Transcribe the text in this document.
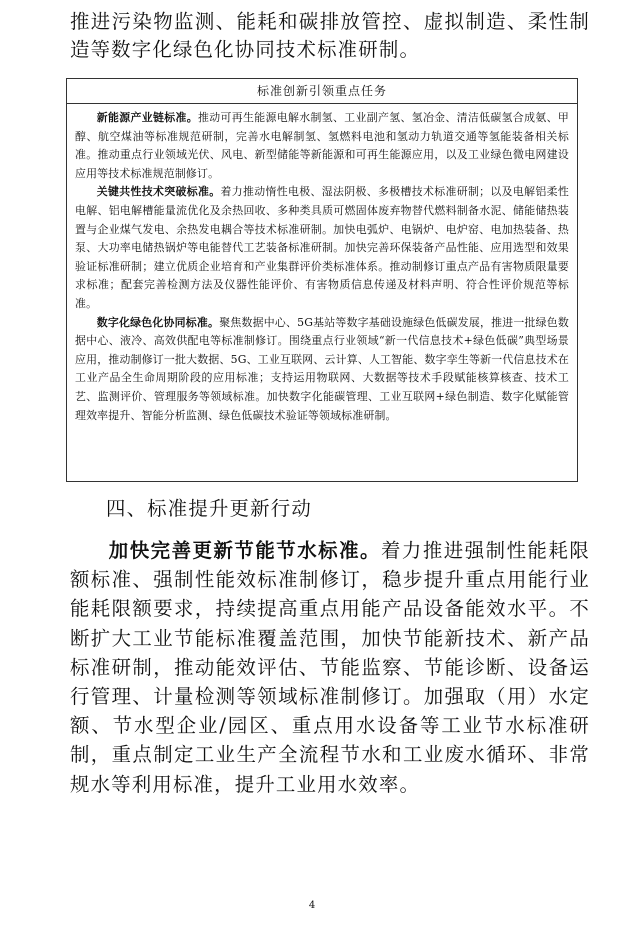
推进污染物监测、能耗和碳排放管控、虚拟制造、柔性制造等数字化绿色化协同技术标准研制。

标准创新引领重点任务

新能源产业链标准。推动可再生能源电解水制氢、工业副产氢、氢冶金、清洁低碳氢合成氨、甲醇、航空煤油等标准规范研制，完善水电解制氢、氢燃料电池和氢动力轨道交通等氢能装备相关标准。推动重点行业领域光伏、风电、新型储能等新能源和可再生能源应用，以及工业绿色微电网建设应用等技术标准规范制修订。

关键共性技术突破标准。着力推动惰性电极、湿法阴极、多极槽技术标准研制；以及电解铝柔性电解、铝电解槽能量流优化及余热回收、多种类具质可燃固体废弃物替代燃料制备水泥、储能储热装置与企业煤气发电、余热发电耦合等技术标准研制。加快电弧炉、电锅炉、电炉窑、电加热装备、热泵、大功率电储热锅炉等电能替代工艺装备标准研制。加快完善环保装备产品性能、应用选型和效果验证标准研制；建立优质企业培育和产业集群评价类标准体系。推动制修订重点产品有害物质限量要求标准；配套完善检测方法及仪器性能评价、有害物质信息传递及材料声明、符合性评价规范等标准。

数字化绿色化协同标准。聚焦数据中心、5G基站等数字基础设施绿色低碳发展，推进一批绿色数据中心、液冷、高效供配电等标准制修订。围绕重点行业领域“新一代信息技术+绿色低碳”典型场景应用，推动制修订一批大数据、5G、工业互联网、云计算、人工智能、数字孪生等新一代信息技术在工业产品全生命周期阶段的应用标准；支持运用物联网、大数据等技术手段赋能核算核查、技术工艺、监测评价、管理服务等领域标准。加快数字化能碳管理、工业互联网+绿色制造、数字化赋能管理效率提升、智能分析监测、绿色低碳技术验证等领域标准研制。

四、标准提升更新行动

加快完善更新节能节水标准。着力推进强制性能耗限额标准、强制性能效标准制修订，稳步提升重点用能行业能耗限额要求，持续提高重点用能产品设备能效水平。不断扩大工业节能标准覆盖范围，加快节能新技术、新产品标准研制，推动能效评估、节能监察、节能诊断、设备运行管理、计量检测等领域标准制修订。加强取（用）水定额、节水型企业/园区、重点用水设备等工业节水标准研制，重点制定工业生产全流程节水和工业废水循环、非常规水等利用标准，提升工业用水效率。

4
